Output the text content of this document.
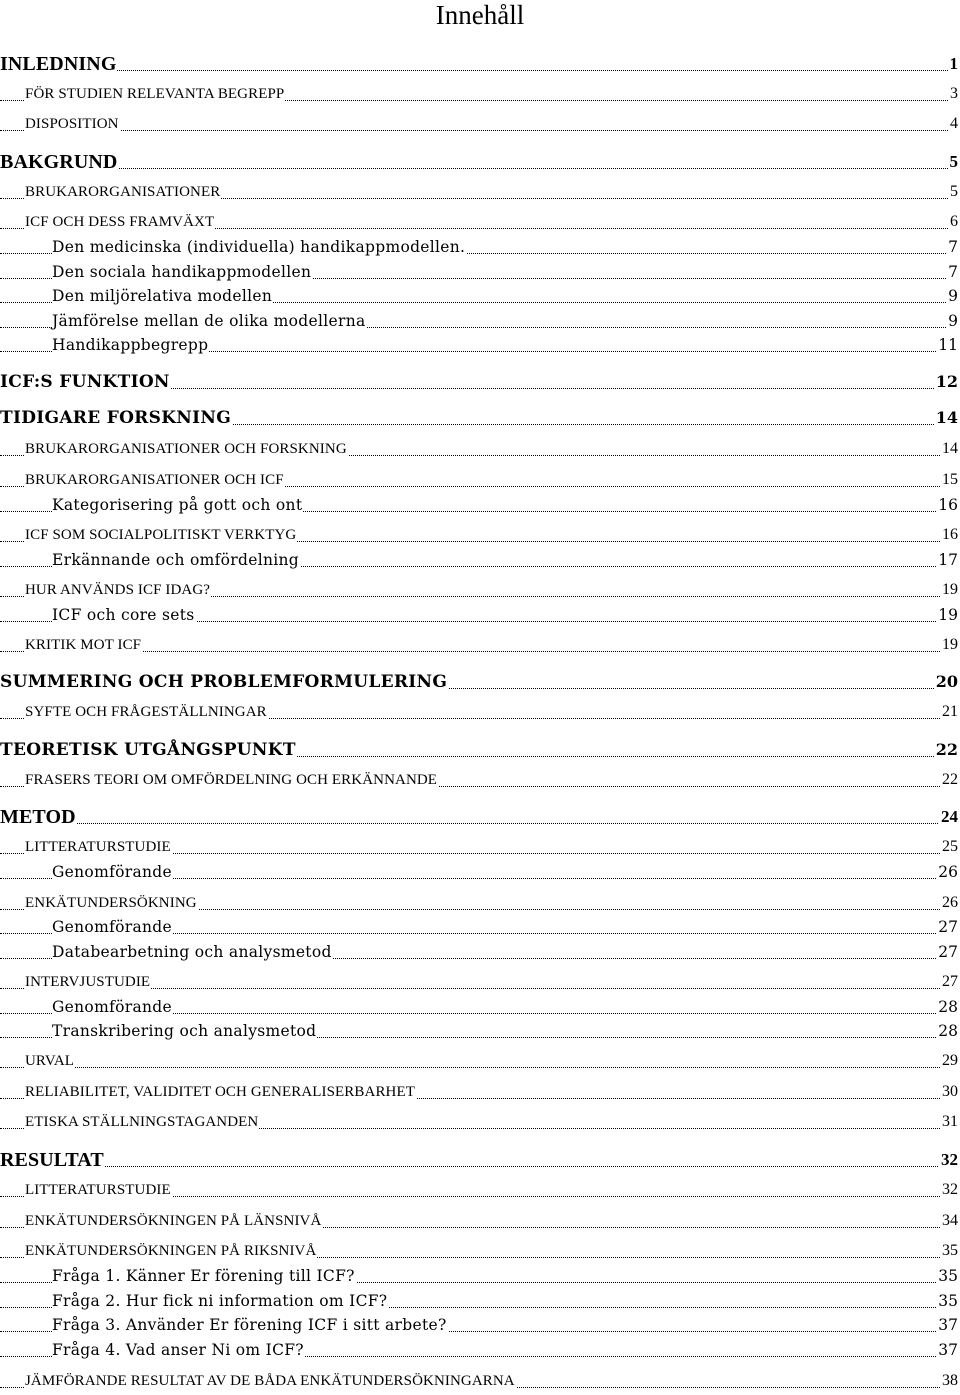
Innehåll
INLEDNING	1
FÖR STUDIEN RELEVANTA BEGREPP	3
DISPOSITION	4
BAKGRUND	5
BRUKARORGANISATIONER	5
ICF OCH DESS FRAMVÄXT	6
Den medicinska (individuella) handikappmodellen.	7
Den sociala handikappmodellen	7
Den miljörelativa modellen	9
Jämförelse mellan de olika modellerna	9
Handikappbegrepp	11
ICF:S FUNKTION	12
TIDIGARE FORSKNING	14
BRUKARORGANISATIONER OCH FORSKNING	14
BRUKARORGANISATIONER OCH ICF	15
Kategorisering på gott och ont	16
ICF SOM SOCIALPOLITISKT VERKTYG	16
Erkännande och omfördelning	17
HUR ANVÄNDS ICF IDAG?	19
ICF och core sets	19
KRITIK MOT ICF	19
SUMMERING OCH PROBLEMFORMULERING	20
SYFTE OCH FRÅGESTÄLLNINGAR	21
TEORETISK UTGÅNGSPUNKT	22
FRASERS TEORI OM OMFÖRDELNING OCH ERKÄNNANDE	22
METOD	24
LITTERATURSTUDIE	25
Genomförande	26
ENKÄTUNDERSÖKNING	26
Genomförande	27
Databearbetning och analysmetod	27
INTERVJUSTUDIE	27
Genomförande	28
Transkribering och analysmetod	28
URVAL	29
RELIABILITET, VALIDITET OCH GENERALISERBARHET	30
ETISKA STÄLLNINGSTAGANDEN	31
RESULTAT	32
LITTERATURSTUDIE	32
ENKÄTUNDERSÖKNINGEN PÅ LÄNSNIVÅ	34
ENKÄTUNDERSÖKNINGEN PÅ RIKSNIVÅ	35
Fråga 1. Känner Er förening till ICF?	35
Fråga 2. Hur fick ni information om ICF?	35
Fråga 3. Använder Er förening ICF i sitt arbete?	37
Fråga 4. Vad anser Ni om ICF?	37
JÄMFÖRANDE RESULTAT AV DE BÅDA ENKÄTUNDERSÖKNINGARNA	38
